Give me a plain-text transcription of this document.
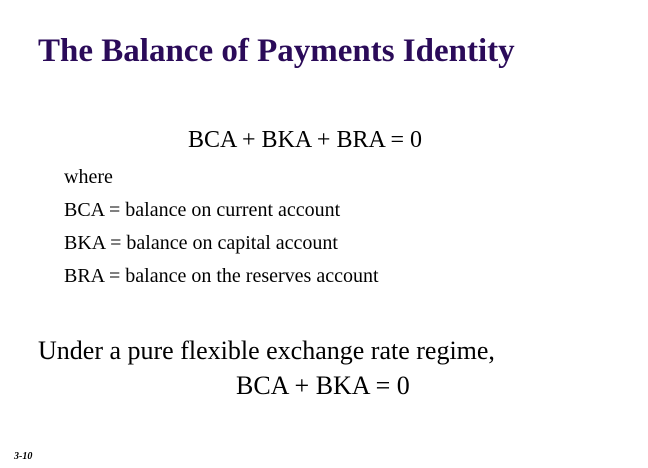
The Balance of Payments Identity
BCA + BKA + BRA = 0
where
BCA = balance on current account
BKA = balance on capital account
BRA = balance on the reserves account
Under a pure flexible exchange rate regime,
BCA + BKA = 0
3-10
